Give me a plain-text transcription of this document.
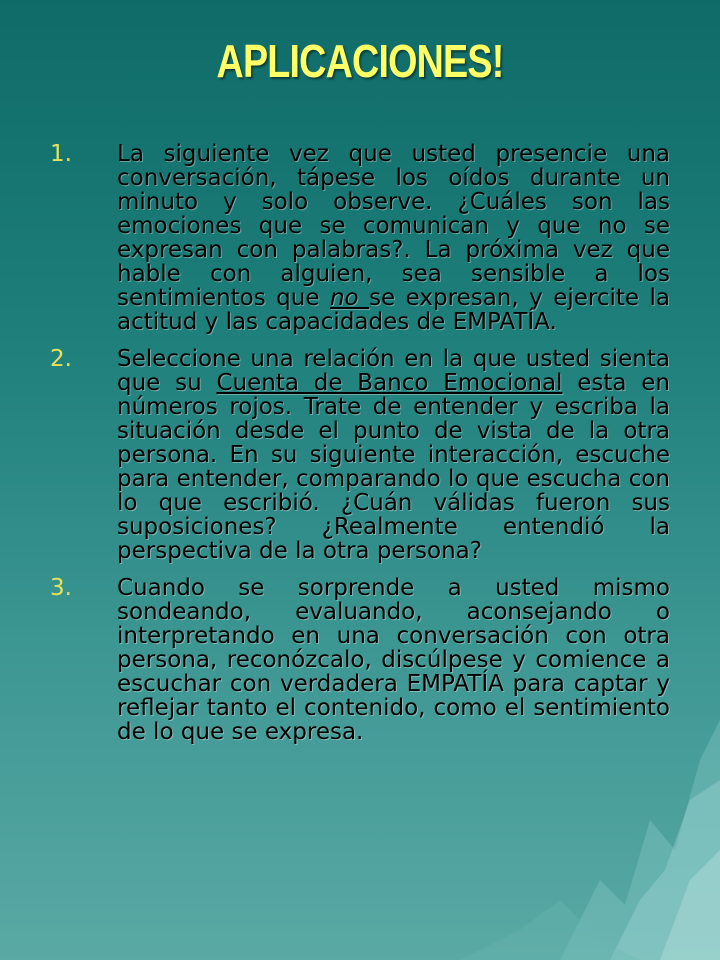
APLICACIONES!
1.	La siguiente vez que usted presencie una conversación, tápese los oídos durante un minuto y solo observe. ¿Cuáles son las emociones que se comunican y que no se expresan con palabras?. La próxima vez que hable con alguien, sea sensible a los sentimientos que no se expresan, y ejercite la actitud y las capacidades de EMPATÍA.
2.	Seleccione una relación en la que usted sienta que su Cuenta de Banco Emocional esta en números rojos. Trate de entender y escriba la situación desde el punto de vista de la otra persona. En su siguiente interacción, escuche para entender, comparando lo que escucha con lo que escribió. ¿Cuán válidas fueron sus suposiciones? ¿Realmente entendió la perspectiva de la otra persona?
3.	Cuando se sorprende a usted mismo sondeando, evaluando, aconsejando o interpretando en una conversación con otra persona, reconózcalo, discúlpese y comience a escuchar con verdadera EMPATÍA para captar y reflejar tanto el contenido, como el sentimiento de lo que se expresa.
